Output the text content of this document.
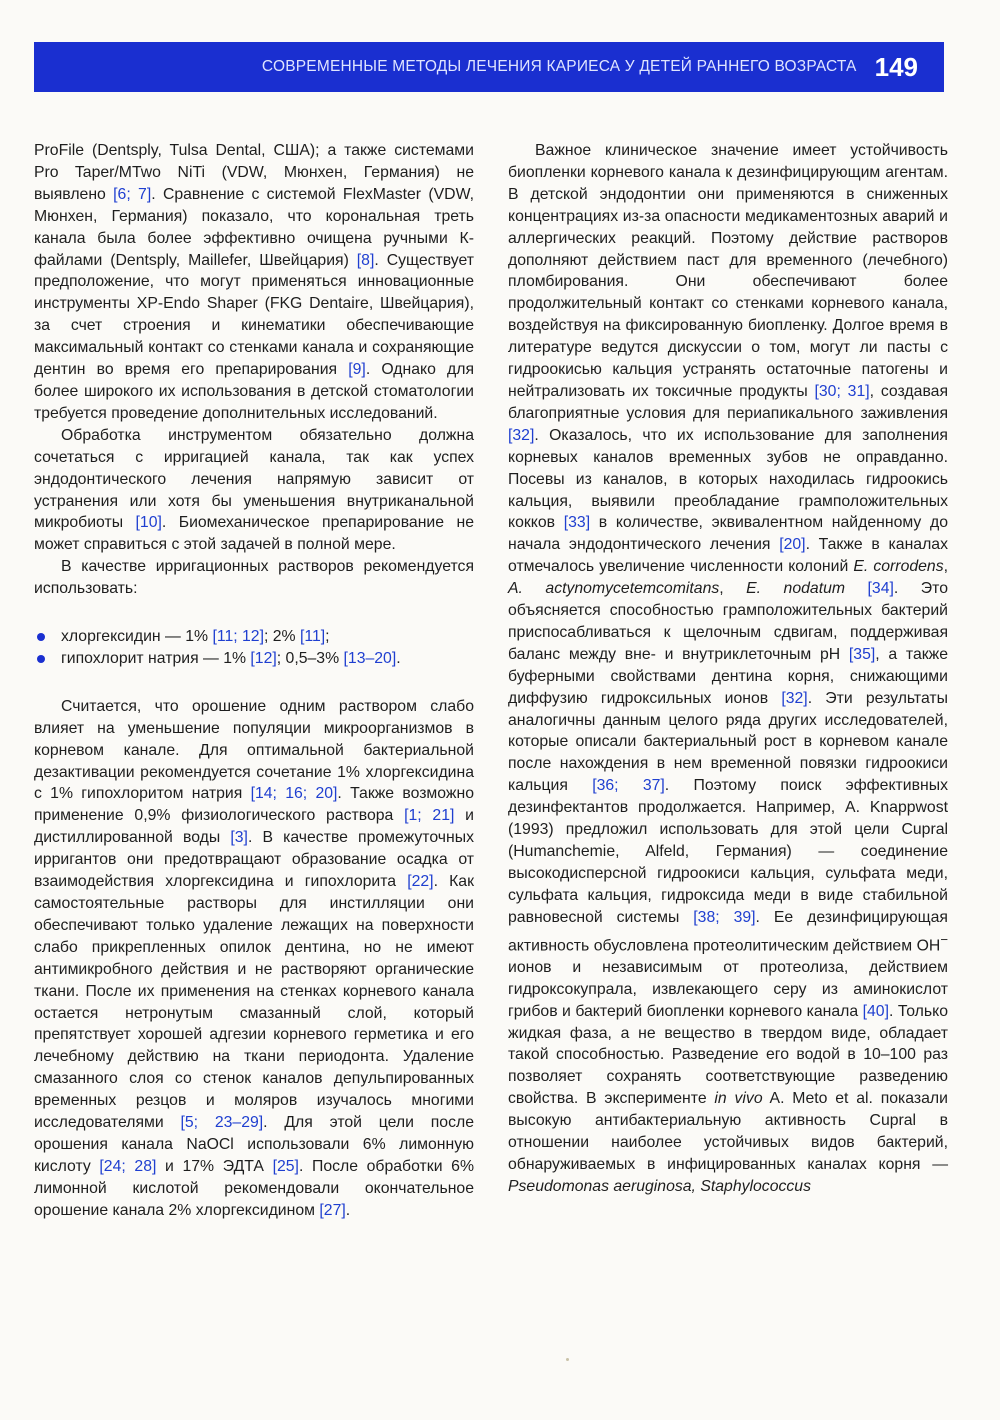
СОВРЕМЕННЫЕ МЕТОДЫ ЛЕЧЕНИЯ КАРИЕСА У ДЕТЕЙ РАННЕГО ВОЗРАСТА 149

ProFile (Dentsply, Tulsa Dental, США); а также системами Pro Taper/MTwo NiTi (VDW, Мюнхен, Германия) не выявлено [6; 7]. Сравнение с системой FlexMaster (VDW, Мюнхен, Германия) показало, что корональная треть канала была более эффективно очищена ручными К-файлами (Dentsply, Maillefer, Швейцария) [8]. Существует предположение, что могут применяться инновационные инструменты XP-Endo Shaper (FKG Dentaire, Швейцария), за счет строения и кинематики обеспечивающие максимальный контакт со стенками канала и сохраняющие дентин во время его препарирования [9]. Однако для более широкого их использования в детской стоматологии требуется проведение дополнительных исследований.

Обработка инструментом обязательно должна сочетаться с ирригацией канала, так как успех эндодонтического лечения напрямую зависит от устранения или хотя бы уменьшения внутриканальной микробиоты [10]. Биомеханическое препарирование не может справиться с этой задачей в полной мере.

В качестве ирригационных растворов рекомендуется использовать:

хлоргексидин — 1% [11; 12]; 2% [11];
гипохлорит натрия — 1% [12]; 0,5–3% [13–20].

Считается, что орошение одним раствором слабо влияет на уменьшение популяции микроорганизмов в корневом канале. Для оптимальной бактериальной дезактивации рекомендуется сочетание 1% хлоргексидина с 1% гипохлоритом натрия [14; 16; 20]. Также возможно применение 0,9% физиологического раствора [1; 21] и дистиллированной воды [3]. В качестве промежуточных ирригантов они предотвращают образование осадка от взаимодействия хлоргексидина и гипохлорита [22]. Как самостоятельные растворы для инстилляции они обеспечивают только удаление лежащих на поверхности слабо прикрепленных опилок дентина, но не имеют антимикробного действия и не растворяют органические ткани. После их применения на стенках корневого канала остается нетронутым смазанный слой, который препятствует хорошей адгезии корневого герметика и его лечебному действию на ткани периодонта. Удаление смазанного слоя со стенок каналов депульпированных временных резцов и моляров изучалось многими исследователями [5; 23–29]. Для этой цели после орошения канала NaOCl использовали 6% лимонную кислоту [24; 28] и 17% ЭДТА [25]. После обработки 6% лимонной кислотой рекомендовали окончательное орошение канала 2% хлоргексидином [27].

Важное клиническое значение имеет устойчивость биопленки корневого канала к дезинфицирующим агентам. В детской эндодонтии они применяются в сниженных концентрациях из-за опасности медикаментозных аварий и аллергических реакций. Поэтому действие растворов дополняют действием паст для временного (лечебного) пломбирования. Они обеспечивают более продолжительный контакт со стенками корневого канала, воздействуя на фиксированную биопленку. Долгое время в литературе ведутся дискуссии о том, могут ли пасты с гидроокисью кальция устранять остаточные патогены и нейтрализовать их токсичные продукты [30; 31], создавая благоприятные условия для периапикального заживления [32]. Оказалось, что их использование для заполнения корневых каналов временных зубов не оправданно. Посевы из каналов, в которых находилась гидроокись кальция, выявили преобладание грамположительных кокков [33] в количестве, эквивалентном найденному до начала эндодонтического лечения [20]. Также в каналах отмечалось увеличение численности колоний E. corrodens, A. actynomycetemcomitans, E. nodatum [34]. Это объясняется способностью грамположительных бактерий приспосабливаться к щелочным сдвигам, поддерживая баланс между вне- и внутриклеточным pH [35], а также буферными свойствами дентина корня, снижающими диффузию гидроксильных ионов [32]. Эти результаты аналогичны данным целого ряда других исследователей, которые описали бактериальный рост в корневом канале после нахождения в нем временной повязки гидроокиси кальция [36; 37]. Поэтому поиск эффективных дезинфектантов продолжается. Например, A. Knappwost (1993) предложил использовать для этой цели Cupral (Humanchemie, Alfeld, Германия) — соединение высокодисперсной гидроокиси кальция, сульфата меди, сульфата кальция, гидроксида меди в виде стабильной равновесной системы [38; 39]. Ее дезинфицирующая активность обусловлена протеолитическим действием OH− ионов и независимым от протеолиза, действием гидроксокупрала, извлекающего серу из аминокислот грибов и бактерий биопленки корневого канала [40]. Только жидкая фаза, а не вещество в твердом виде, обладает такой способностью. Разведение его водой в 10–100 раз позволяет сохранять соответствующие разведению свойства. В эксперименте in vivo A. Meto et al. показали высокую антибактериальную активность Cupral в отношении наиболее устойчивых видов бактерий, обнаруживаемых в инфицированных каналах корня — Pseudomonas aeruginosa, Staphylococcus
